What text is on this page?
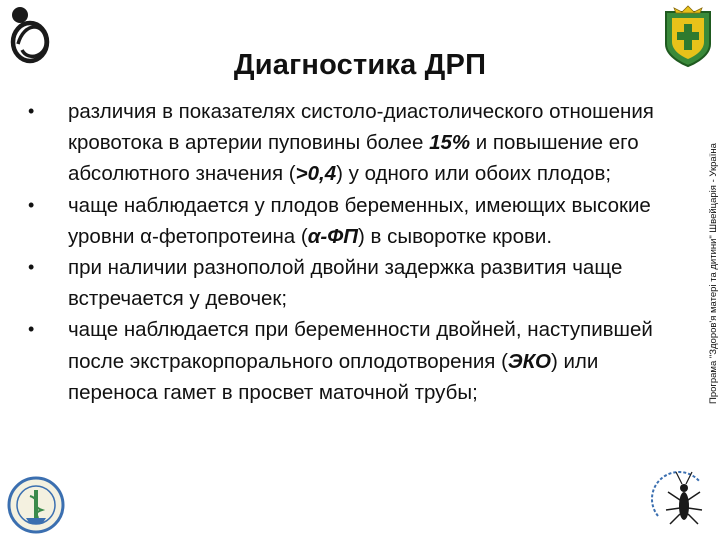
Диагностика ДРП
Програма "Здоров'я матері та дитини" Швейцарія - Україна
•	различия в показателях систоло-диастолического отношения кровотока в артерии пуповины более 15% и повышение его абсолютного значения (>0,4) у одного или обоих плодов;
•	чаще наблюдается у плодов беременных, имеющих высокие уровни α-фетопротеина (α-ФП) в сыворотке крови.
•	при наличии разнополой двойни задержка развития чаще встречается у девочек;
•	чаще наблюдается при беременности двойней, наступившей после экстракорпорального оплодотворения (ЭКО) или переноса гамет в просвет маточной трубы;
